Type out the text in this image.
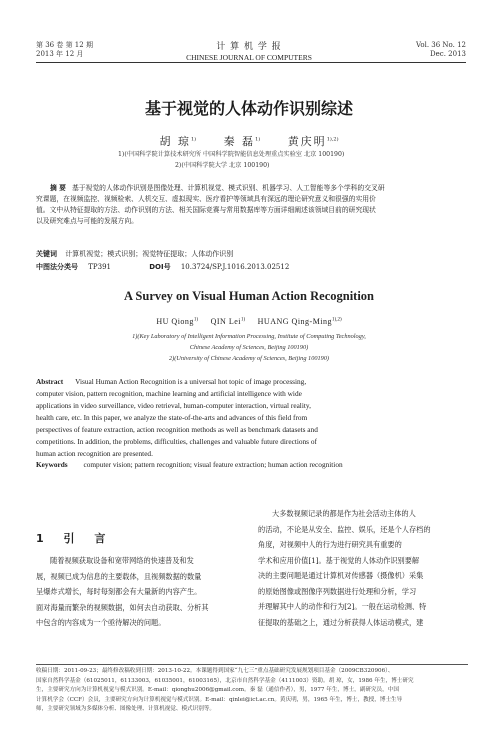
第 36 卷 第 12 期
2013 年 12 月
计 算 机 学 报
CHINESE JOURNAL OF COMPUTERS
Vol. 36 No. 12
Dec. 2013
基于视觉的人体动作识别综述
胡 琼$^{1)}$ 秦 磊$^{1)}$ 黄庆明$^{1),2)}$
1)(中国科学院计算技术研究所 中国科学院智能信息处理重点实验室 北京 100190)
2)(中国科学院大学 北京 100190)
摘 要 基于视觉的人体动作识别是图像处理、计算机视觉、模式识别、机器学习、人工智能等多个学科的交叉研
究课题，在视频监控、视频检索、人机交互、虚拟现实、医疗看护等领域具有深远的理论研究意义和很强的实用价
值。文中从特征提取的方法、动作识别的方法、相关国际竞赛与常用数据库等方面详细阐述该领域目前的研究现状
以及研究难点与可能的发展方向。
关键词 计算机视觉；模式识别；视觉特征提取；人体动作识别
中图法分类号 TP391	DOI号 10.3724/SP.J.1016.2013.02512
A Survey on Visual Human Action Recognition
HU Qiong$^{1)}$ QIN Lei$^{1)}$ HUANG Qing-Ming$^{1),2)}$
1)(Key Laboratory of Intelligent Information Processing, Institute of Computing Technology,
Chinese Academy of Sciences, Beijing 100190)
2)(University of Chinese Academy of Sciences, Beijing 100190)
Abstract Visual Human Action Recognition is a universal hot topic of image processing,
computer vision, pattern recognition, machine learning and artificial intelligence with wide
applications in video surveillance, video retrieval, human-computer interaction, virtual reality,
health care, etc. In this paper, we analyze the state-of-the-arts and advances of this field from
perspectives of feature extraction, action recognition methods as well as benchmark datasets and
competitions. In addition, the problems, difficulties, challenges and valuable future directions of
human action recognition are presented.
Keywords computer vision; pattern recognition; visual feature extraction; human action recognition
1 引 言
随着视频获取设备和宽带网络的快速普及和发
展，视频已成为信息的主要载体，且视频数据的数量
呈爆炸式增长，每时每刻都会有大量新的内容产生。
面对海量而繁杂的视频数据，如何去自动获取、分析其
中包含的内容成为一个亟待解决的问题。
大多数视频记录的都是作为社会活动主体的人
的活动，不论是从安全、监控、娱乐，还是个人存档的
角度，对视频中人的行为进行研究具有重要的
学术和应用价值[1]。基于视觉的人体动作识别要解
决的主要问题是通过计算机对传感器（摄像机）采集
的原始图像或图像序列数据进行处理和分析，学习
并理解其中人的动作和行为[2]。一般在运动检测、特
征提取的基础之上，通过分析获得人体运动模式，建
收稿日期：2011-09-23；最终修改稿收到日期：2013-10-22。本课题得到国家“九七三”重点基础研究发展规划项目基金（2009CB320906）、
国家自然科学基金（61025011，61133003，61035001，61003165），北京市自然科学基金（4111003）资助。胡 琼，女，1986 年生，博士研究
生，主要研究方向为计算机视觉与模式识别。E-mail：qionghu2006@gmail.com。秦 磊（通信作者），男，1977 年生，博士，副研究员，中国
计算机学会（CCF）会员，主要研究方向为计算机视觉与模式识别。E-mail：qinlei@ict.ac.cn。黄庆明，男，1965 年生，博士，教授，博士生导
师，主要研究领域为多媒体分析、图像处理、计算机视觉、模式识别等。
